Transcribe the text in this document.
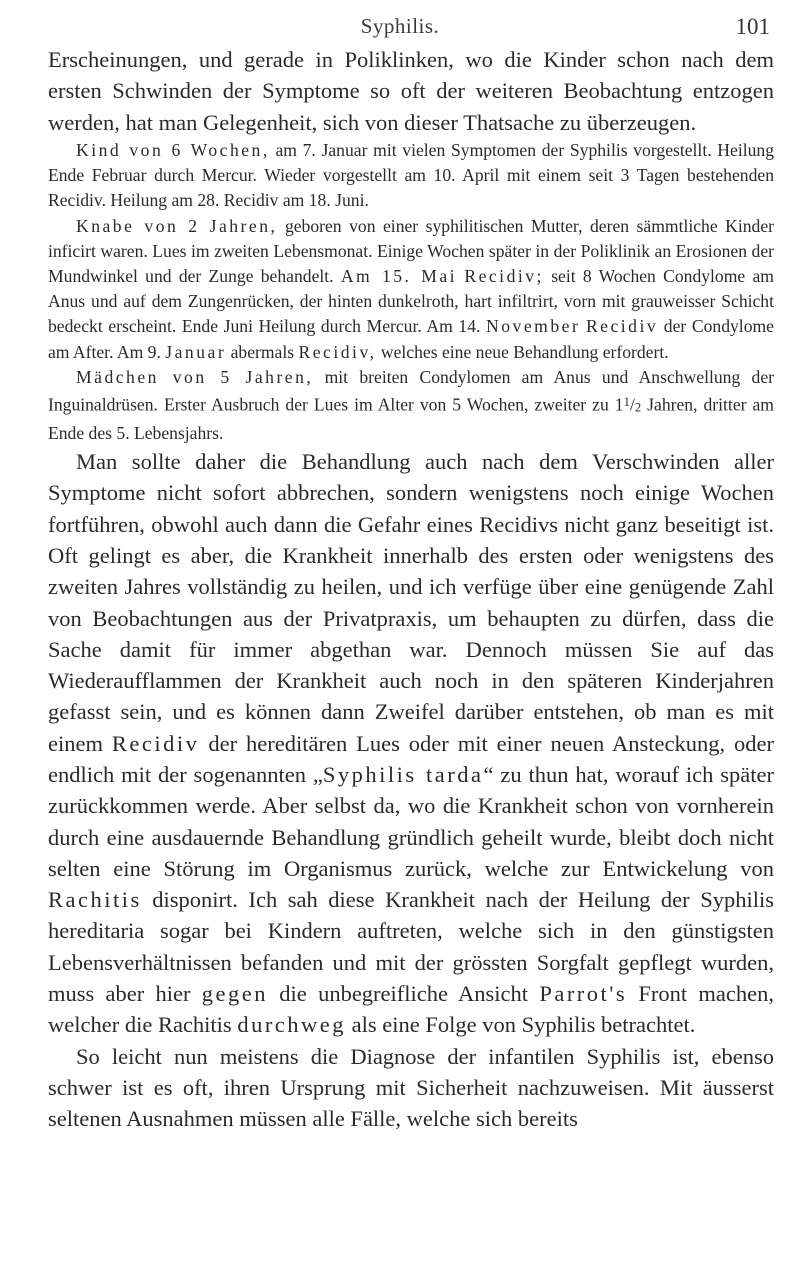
Syphilis.	101

Erscheinungen, und gerade in Poliklinken, wo die Kinder schon nach dem ersten Schwinden der Symptome so oft der weiteren Beobachtung entzogen werden, hat man Gelegenheit, sich von dieser Thatsache zu überzeugen.

Kind von 6 Wochen, am 7. Januar mit vielen Symptomen der Syphilis vorgestellt. Heilung Ende Februar durch Mercur. Wieder vorgestellt am 10. April mit einem seit 3 Tagen bestehenden Recidiv. Heilung am 28. Recidiv am 18. Juni.

Knabe von 2 Jahren, geboren von einer syphilitischen Mutter, deren sämmtliche Kinder inficirt waren. Lues im zweiten Lebensmonat. Einige Wochen später in der Poliklinik an Erosionen der Mundwinkel und der Zunge behandelt. Am 15. Mai Recidiv; seit 8 Wochen Condylome am Anus und auf dem Zungenrücken, der hinten dunkelroth, hart infiltrirt, vorn mit grauweisser Schicht bedeckt erscheint. Ende Juni Heilung durch Mercur. Am 14. November Recidiv der Condylome am After. Am 9. Januar abermals Recidiv, welches eine neue Behandlung erfordert.

Mädchen von 5 Jahren, mit breiten Condylomen am Anus und Anschwellung der Inguinaldrüsen. Erster Ausbruch der Lues im Alter von 5 Wochen, zweiter zu $1^1/2$ Jahren, dritter am Ende des 5. Lebensjahrs.

Man sollte daher die Behandlung auch nach dem Verschwinden aller Symptome nicht sofort abbrechen, sondern wenigstens noch einige Wochen fortführen, obwohl auch dann die Gefahr eines Recidivs nicht ganz beseitigt ist. Oft gelingt es aber, die Krankheit innerhalb des ersten oder wenigstens des zweiten Jahres vollständig zu heilen, und ich verfüge über eine genügende Zahl von Beobachtungen aus der Privatpraxis, um behaupten zu dürfen, dass die Sache damit für immer abgethan war. Dennoch müssen Sie auf das Wiederaufflammen der Krankheit auch noch in den späteren Kinderjahren gefasst sein, und es können dann Zweifel darüber entstehen, ob man es mit einem Recidiv der hereditären Lues oder mit einer neuen Ansteckung, oder endlich mit der sogenannten „Syphilis tarda“ zu thun hat, worauf ich später zurückkommen werde. Aber selbst da, wo die Krankheit schon von vornherein durch eine ausdauernde Behandlung gründlich geheilt wurde, bleibt doch nicht selten eine Störung im Organismus zurück, welche zur Entwickelung von Rachitis disponirt. Ich sah diese Krankheit nach der Heilung der Syphilis hereditaria sogar bei Kindern auftreten, welche sich in den günstigsten Lebensverhältnissen befanden und mit der grössten Sorgfalt gepflegt wurden, muss aber hier gegen die unbegreifliche Ansicht Parrot's Front machen, welcher die Rachitis durchweg als eine Folge von Syphilis betrachtet.

So leicht nun meistens die Diagnose der infantilen Syphilis ist, ebenso schwer ist es oft, ihren Ursprung mit Sicherheit nachzuweisen. Mit äusserst seltenen Ausnahmen müssen alle Fälle, welche sich bereits
